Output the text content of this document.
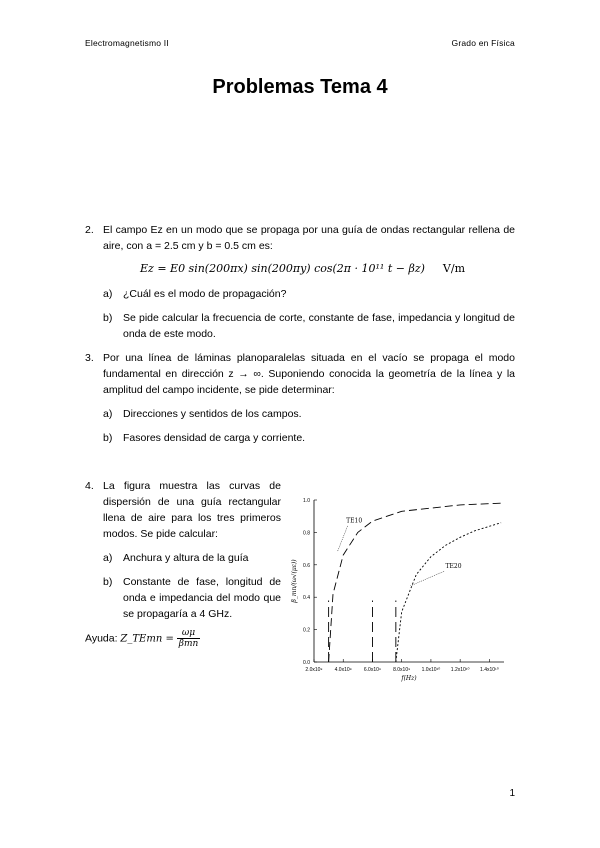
Electromagnetismo II	Grado en Física
Problemas Tema 4
2. El campo Ez en un modo que se propaga por una guía de ondas rectangular rellena de aire, con a = 2.5 cm y b = 0.5 cm es:
Ez = E0 sin(200πx) sin(200πy) cos(2π · 10¹¹ t − βz) V/m
a) ¿Cuál es el modo de propagación?
b) Se pide calcular la frecuencia de corte, constante de fase, impedancia y longitud de onda de este modo.
3. Por una línea de láminas planoparalelas situada en el vacío se propaga el modo fundamental en dirección z → ∞. Suponiendo conocida la geometría de la línea y la amplitud del campo incidente, se pide determinar:
a) Direcciones y sentidos de los campos.
b) Fasores densidad de carga y corriente.
4. La figura muestra las curvas de dispersión de una guía rectangular llena de aire para los tres primeros modos. Se pide calcular:
a) Anchura y altura de la guía
b) Constante de fase, longitud de onda e impedancia del modo que se propagaría a 4 GHz.
Ayuda: Z_TEmn = $\frac{\omega\mu}{\text{βmn}}$
0.0
0.2
0.4
0.6
0.8
1.0
2.0x10⁹ 4.0x10⁹ 6.0x10⁹ 8.0x10⁹ 1.0x10¹⁰ 1.2x10¹⁰ 1.4x10¹⁰
f(Hz)
β_mn/(ω√(με))
TE10
TE20
1
